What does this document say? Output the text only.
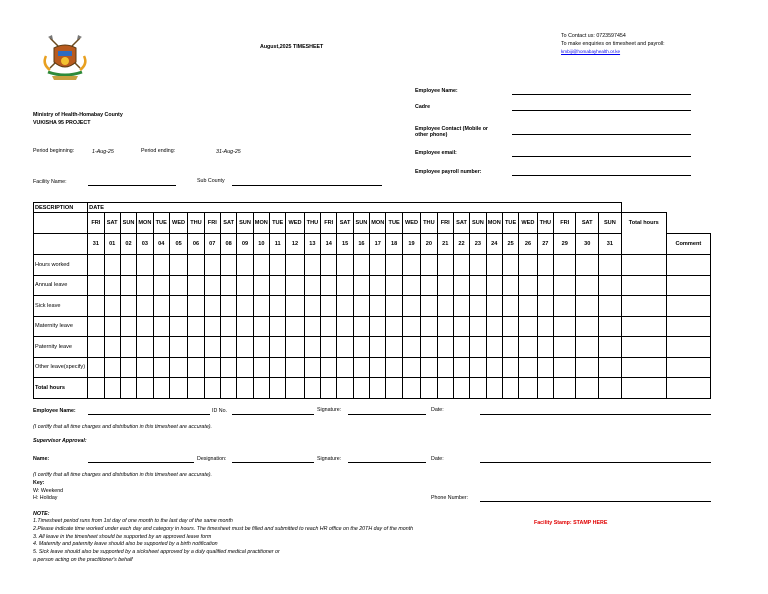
August,2025 TIMESHEET
To Contact us: 0723597454
To make enquiries on timesheet and payroll:
kmbiji@homabayhealth.or.ke
Ministry of Health-Homabay County
VUKISHA 95 PROJECT
Employee Name:
Cadre
Employee Contact (Mobile or
other phone)
Employee email:
Employee payroll number:
Period beginning:	1-Aug-25	Period ending:	31-Aug-25
Facility Name:	Sub County
DESCRIPTION	DATE																																
	FRI	SAT	SUN	MON	TUE	WED	THU	FRI	SAT	SUN	MON	TUE	WED	THU	FRI	SAT	SUN	MON	TUE	WED	THU	FRI	SAT	SUN	MON	TUE	WED	THU	FRI	SAT	SUN	Total hours	
	31	01	02	03	04	05	06	07	08	09	10	11	12	13	14	15	16	17	18	19	20	21	22	23	24	25	26	27	29	30	31		Comment
Hours worked																																	
Annual leave																																	
Sick leave																																	
Maternity leave																																	
Paternity leave																																	
Other leave(specify)																																	
Total hours																																	
Employee Name:	ID No.	Signature:	Date:
(I certify that all time charges and distribution in this timesheet are accurate).
Supervisor Approval:
Name:	Designation:	Signature:	Date:
(I certify that all time charges and distribution in this timesheet are accurate).
Key:
W: Weekend
H: Holiday	Phone Number:
NOTE:
1.Timesheet period runs from 1st day of one month to the last day of the same month
2.Please indicate time worked under each day and category in hours. The timesheet must be filled and submitted to reach HR office on the 20TH day of the month
3. All leave in the timesheet should be supported by an approved leave form
4. Maternity and paternity leave should also be supported by a birth notification
5. Sick leave should also be supported by a sicksheet approved by a duly qualified medical practitioner or
a person acting on the practitioner's behalf
Facility Stamp: STAMP HERE
